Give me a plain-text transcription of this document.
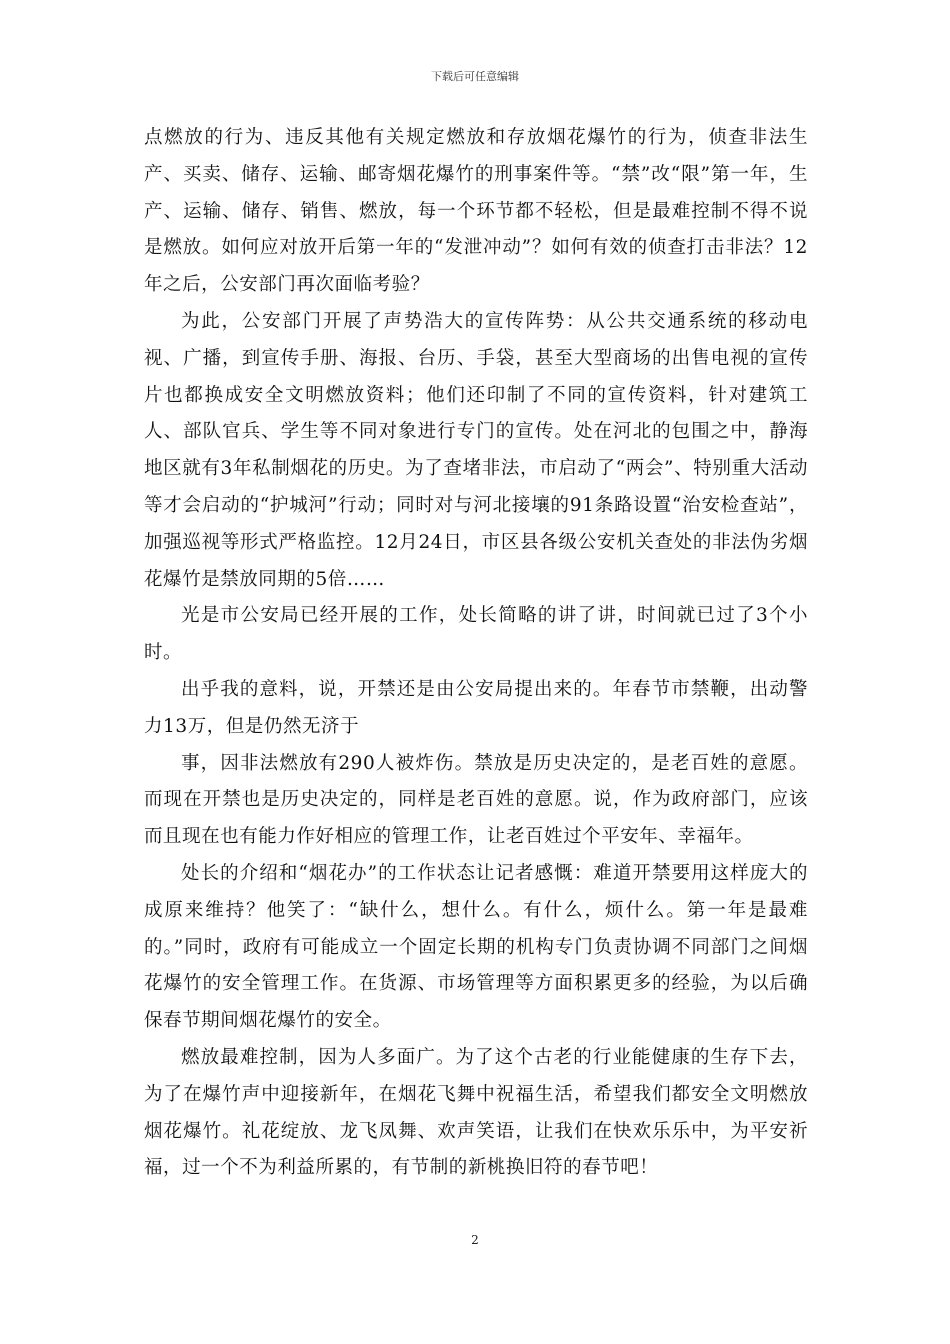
下载后可任意编辑

点燃放的行为、违反其他有关规定燃放和存放烟花爆竹的行为，侦查非法生产、买卖、储存、运输、邮寄烟花爆竹的刑事案件等。“禁”改“限”第一年，生产、运输、储存、销售、燃放，每一个环节都不轻松，但是最难控制不得不说是燃放。如何应对放开后第一年的“发泄冲动”？如何有效的侦查打击非法？12年之后，公安部门再次面临考验？

为此，公安部门开展了声势浩大的宣传阵势：从公共交通系统的移动电视、广播，到宣传手册、海报、台历、手袋，甚至大型商场的出售电视的宣传片也都换成安全文明燃放资料；他们还印制了不同的宣传资料，针对建筑工人、部队官兵、学生等不同对象进行专门的宣传。处在河北的包围之中，静海地区就有3年私制烟花的历史。为了查堵非法，市启动了“两会”、特别重大活动等才会启动的“护城河”行动；同时对与河北接壤的91条路设置“治安检查站”，加强巡视等形式严格监控。12月24日，市区县各级公安机关查处的非法伪劣烟花爆竹是禁放同期的5倍……

光是市公安局已经开展的工作，处长简略的讲了讲，时间就已过了3个小时。

出乎我的意料，说，开禁还是由公安局提出来的。年春节市禁鞭，出动警力13万，但是仍然无济于

事，因非法燃放有290人被炸伤。禁放是历史决定的，是老百姓的意愿。而现在开禁也是历史决定的，同样是老百姓的意愿。说，作为政府部门，应该而且现在也有能力作好相应的管理工作，让老百姓过个平安年、幸福年。

处长的介绍和“烟花办”的工作状态让记者感慨：难道开禁要用这样庞大的成原来维持？他笑了：“缺什么，想什么。有什么，烦什么。第一年是最难的。”同时，政府有可能成立一个固定长期的机构专门负责协调不同部门之间烟花爆竹的安全管理工作。在货源、市场管理等方面积累更多的经验，为以后确保春节期间烟花爆竹的安全。

燃放最难控制，因为人多面广。为了这个古老的行业能健康的生存下去，为了在爆竹声中迎接新年，在烟花飞舞中祝福生活，希望我们都安全文明燃放烟花爆竹。礼花绽放、龙飞凤舞、欢声笑语，让我们在快欢乐乐中，为平安祈福，过一个不为利益所累的，有节制的新桃换旧符的春节吧！

2
